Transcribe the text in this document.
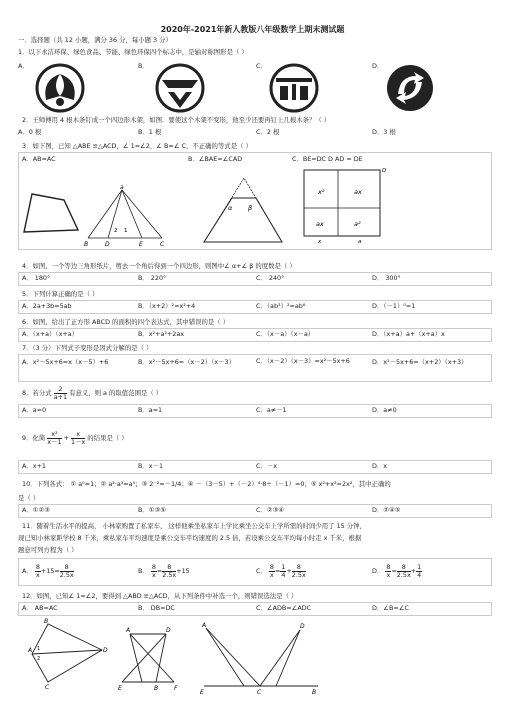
2020年-2021年新人教版八年级数学上期末测试题
一．选择题（共 12 小题，满分 36 分，每小题 3 分）
1．以下永洁环保、绿色食品、节能、绿色环保四个标志中，是轴对称图形是（ ）
A．	B．	C．	D．
2．王师傅用 4 根木条钉成一个四边形木架，如图．要使这个木架不变形，他至少还要再钉上几根木条？（ ）
A．0 根	B．1 根	C．2 根	D．3 根
3．如下图，已知 △ABE ≌△ACD，∠ 1=∠2，∠ B=∠ C，不正确的等式是（ ）
A．AB=AC	B．∠BAE=∠CAD	C．BE=DC D AD = DE
a
B	D	E	C
2 1
α β
D
x²	ax
ax	a²
x	a
4．如图，一个等边三角形纸片，剪去一个角后得到一个四边形，则图中∠ α+∠ β 的度数是（ ）
A． 180°	B． 220°	C． 240°	D． 300°
5．下列计算正确的是（ ）
A．2a+3b=5ab	B．（x+2）²=x²+4	C．（ab³）²=ab⁶	D．（－1）⁰=1
6．如图，给出了正方形 ABCD 的面积的四个表达式，其中错误的是（ ）
A．（x+a）（x+a）	B．x²+a²+2ax	C．（x－a）（x－a）	D．（x+a）a+（x+a）x
7．（3 分）下列式子变形是因式分解的是（ ）
A．x²－5x+6=x（x－5）+6	B．x²－5x+6=（x－2）（x－3）	C．（x－2）（x－3）=x²－5x+6	D．x²－5x+6=（x+2）（x+3）
8．若分式 $\frac{2}{a+1}$ 有意义，则 a 的取值范围是（ ）
A．a=0	B．a=1	C．a≠－1	D．a≠0
9．化简 $\frac{\text{x²}}{x-1} + \frac{x}{1-x}$ 的结果是（ ）
A．x+1	B．x－1	C．－x	D．x
10．下列各式： ① a⁰=1；② a²·a³=a⁵；③ 2⁻²=－1/4；④ －（3－5）+（－2）⁴·8÷（－1）=0；⑤ x²+x²=2x²，其中正确的
是（ ）
A．①②③	B．①③⑤	C．②③④	D．②④⑤
11．随着生活水平的提高， 小林家购置了私家车， 这样他乘坐私家车上学比乘坐公交车上学所需的时间少用了 15 分钟，
现已知小林家距学校 8 千米，乘私家车平均速度是乘公交车平均速度的 2.5 倍，若设乘公交车平均每小时走 x 千米，根据
题意可列方程为（ ）
A． $\frac{8}{x} +15= \frac{8}{2.5x}$	B． $\frac{8}{x} = \frac{8}{2.5x} +15$	C． $\frac{8}{x} = \frac{1}{4} + \frac{8}{2.5x}$	D． $\frac{8}{x} = \frac{8}{2.5x} + \frac{1}{4}$
12．如图，已知∠ 1=∠2，要得到 △ABD ≌△ACD，从下列条件中补选一个，则错误选法是（ ）
A． AB=AC	B． DB=DC	C．∠ADB=∠ADC	D．∠B=∠C
B
A	D
C
1
2
A	D
E	B	F
A	D
E	C	B
